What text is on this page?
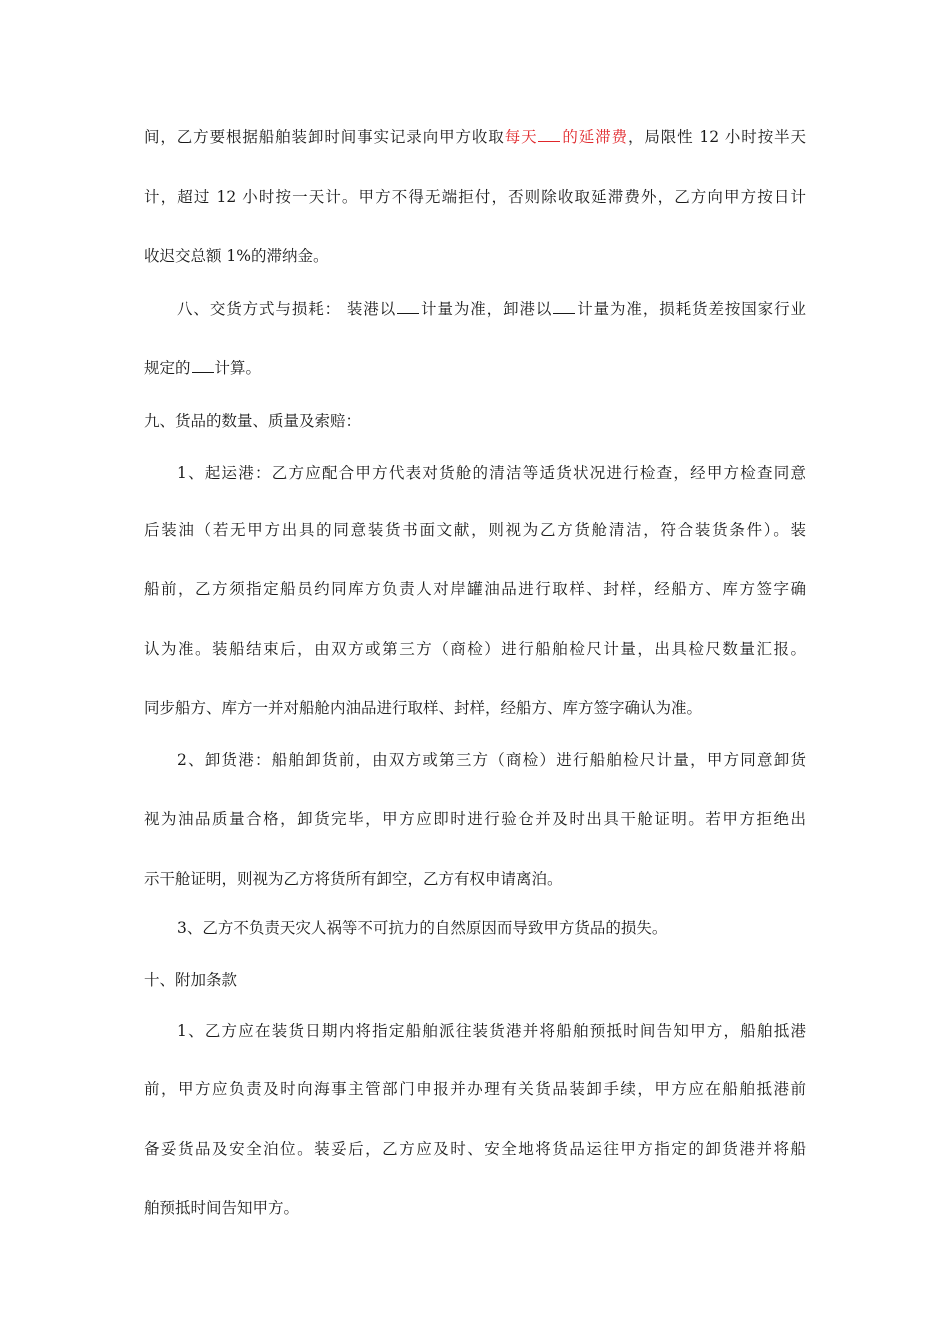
间，乙方要根据船舶装卸时间事实记录向甲方收取每天 的延滞费，局限性 12 小时按半天

计，超过 12 小时按一天计。甲方不得无端拒付，否则除收取延滞费外，乙方向甲方按日计

收迟交总额 1%的滞纳金。

八、交货方式与损耗： 装港以 计量为准，卸港以 计量为准，损耗货差按国家行业

规定的 计算。

九、货品的数量、质量及索赔：

1、起运港：乙方应配合甲方代表对货舱的清洁等适货状况进行检查，经甲方检查同意

后装油（若无甲方出具的同意装货书面文献，则视为乙方货舱清洁，符合装货条件）。装

船前，乙方须指定船员约同库方负责人对岸罐油品进行取样、封样，经船方、库方签字确

认为准。装船结束后，由双方或第三方（商检）进行船舶检尺计量，出具检尺数量汇报。

同步船方、库方一并对船舱内油品进行取样、封样，经船方、库方签字确认为准。

2、卸货港：船舶卸货前，由双方或第三方（商检）进行船舶检尺计量，甲方同意卸货

视为油品质量合格，卸货完毕，甲方应即时进行验仓并及时出具干舱证明。若甲方拒绝出

示干舱证明，则视为乙方将货所有卸空，乙方有权申请离泊。

3、乙方不负责天灾人祸等不可抗力的自然原因而导致甲方货品的损失。

十、附加条款

1、乙方应在装货日期内将指定船舶派往装货港并将船舶预抵时间告知甲方，船舶抵港

前，甲方应负责及时向海事主管部门申报并办理有关货品装卸手续，甲方应在船舶抵港前

备妥货品及安全泊位。装妥后，乙方应及时、安全地将货品运往甲方指定的卸货港并将船

舶预抵时间告知甲方。
